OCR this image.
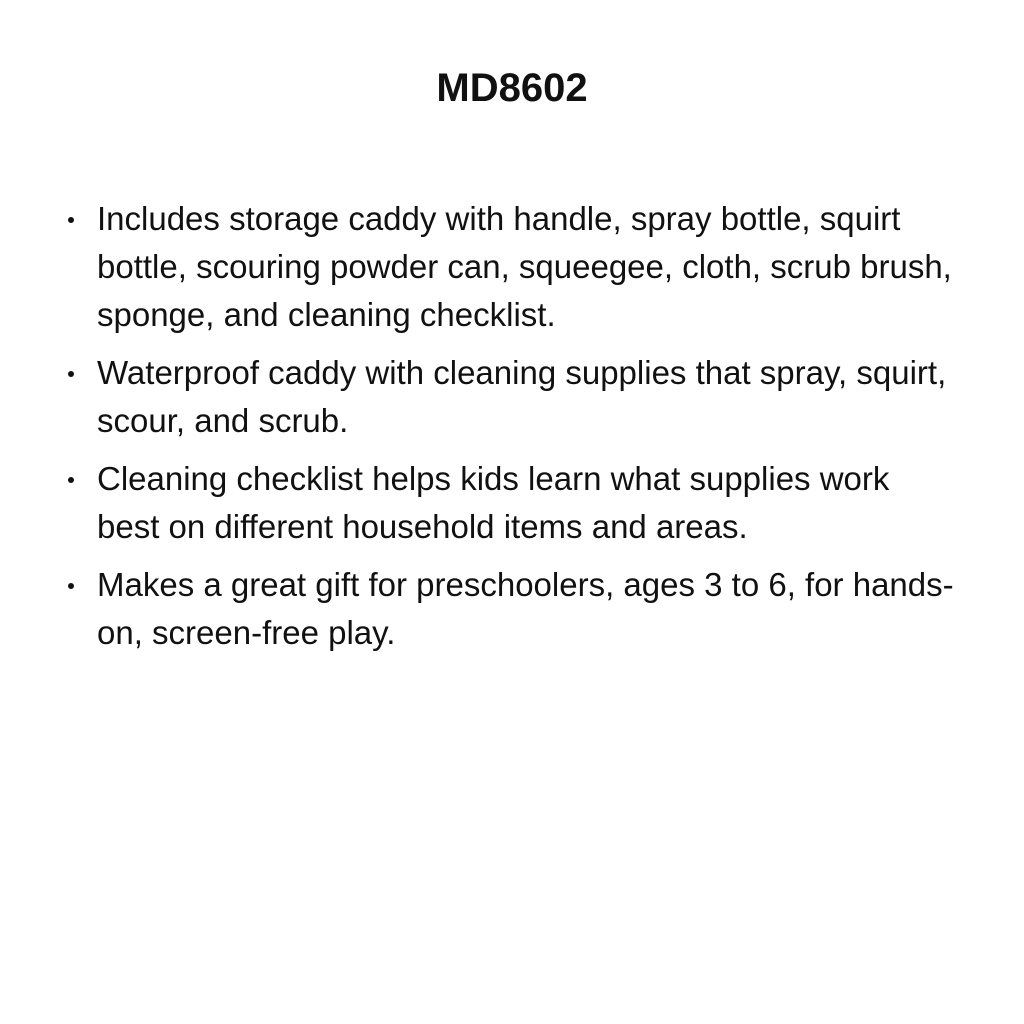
MD8602
Includes storage caddy with handle, spray bottle, squirt bottle, scouring powder can, squeegee, cloth, scrub brush, sponge, and cleaning checklist.
Waterproof caddy with cleaning supplies that spray, squirt, scour, and scrub.
Cleaning checklist helps kids learn what supplies work best on different household items and areas.
Makes a great gift for preschoolers, ages 3 to 6, for hands-on, screen-free play.
